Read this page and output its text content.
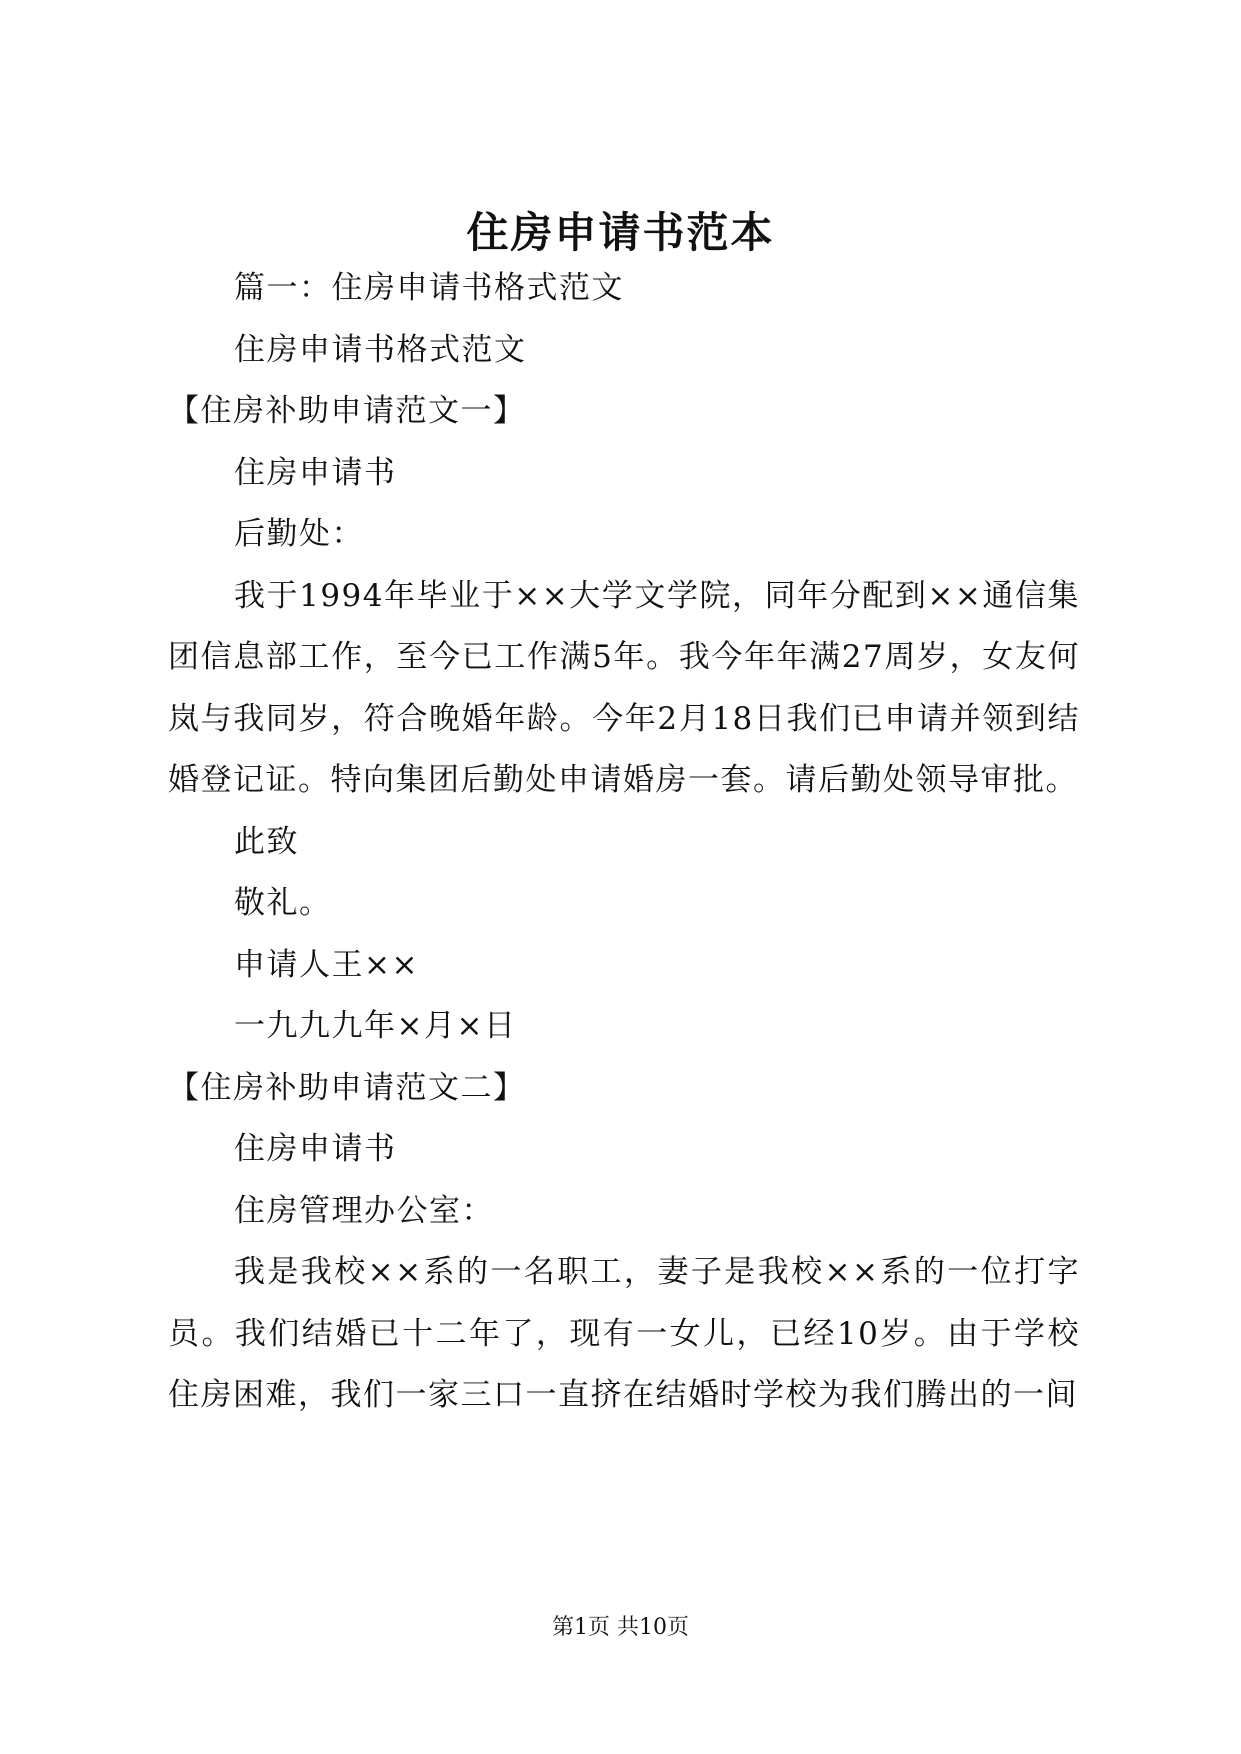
住房申请书范本
篇一：住房申请书格式范文
住房申请书格式范文
【住房补助申请范文一】
住房申请书
后勤处：
我于1994年毕业于××大学文学院，同年分配到××通信集团信息部工作，至今已工作满5年。我今年年满27周岁，女友何岚与我同岁，符合晚婚年龄。今年2月18日我们已申请并领到结婚登记证。特向集团后勤处申请婚房一套。请后勤处领导审批。
此致
敬礼。
申请人王××
一九九九年×月×日
【住房补助申请范文二】
住房申请书
住房管理办公室：
我是我校××系的一名职工，妻子是我校××系的一位打字员。我们结婚已十二年了，现有一女儿，已经10岁。由于学校住房困难，我们一家三口一直挤在结婚时学校为我们腾出的一间
第1页 共10页
